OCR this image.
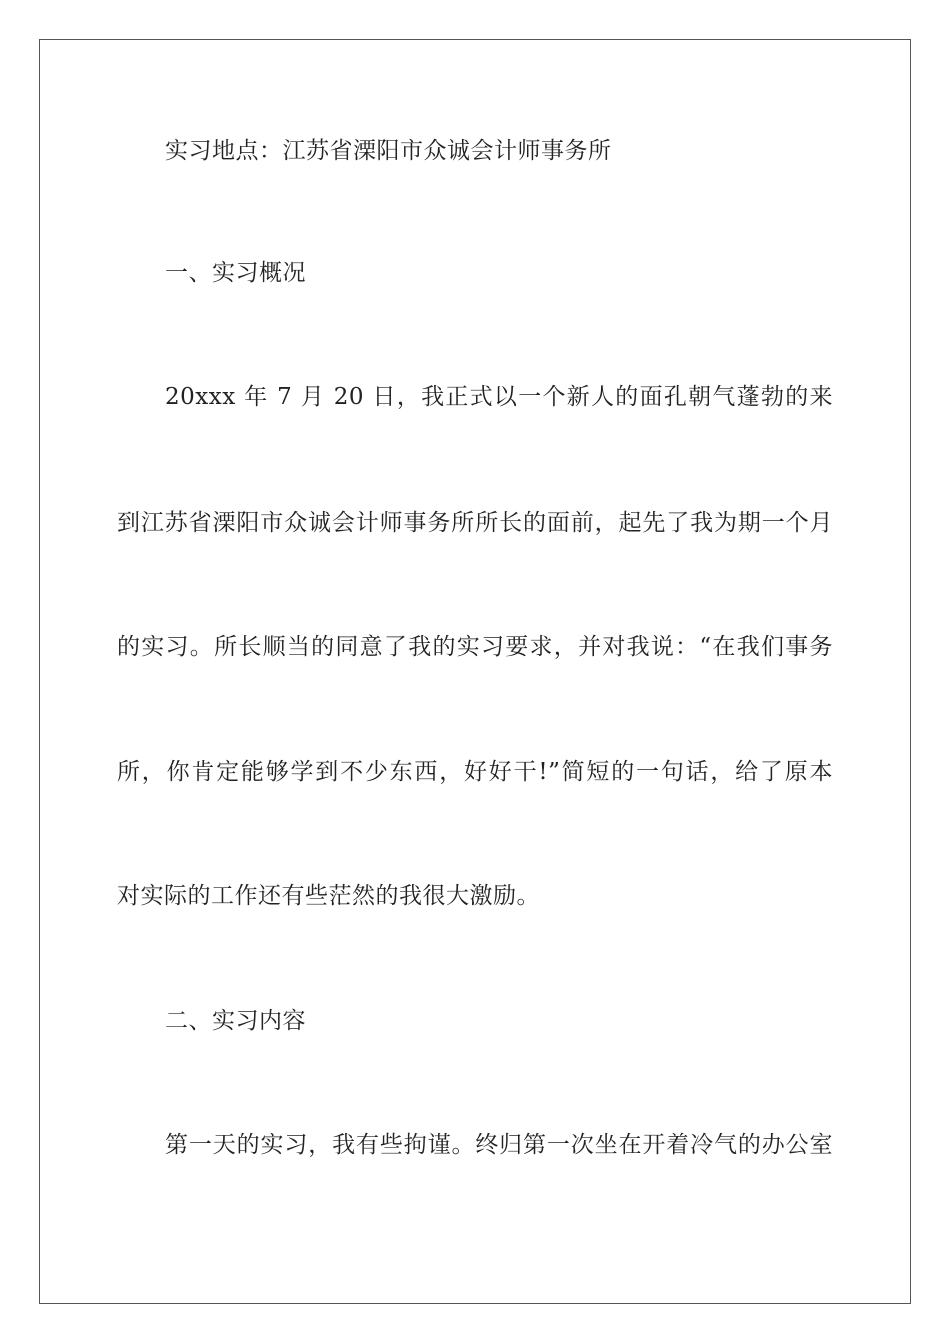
实习地点：江苏省溧阳市众诚会计师事务所
一、实习概况
20xxx 年 7 月 20 日，我正式以一个新人的面孔朝气蓬勃的来
到江苏省溧阳市众诚会计师事务所所长的面前，起先了我为期一个月
的实习。所长顺当的同意了我的实习要求，并对我说：“在我们事务
所，你肯定能够学到不少东西，好好干!”简短的一句话，给了原本
对实际的工作还有些茫然的我很大激励。
二、实习内容
第一天的实习，我有些拘谨。终归第一次坐在开着冷气的办公室
